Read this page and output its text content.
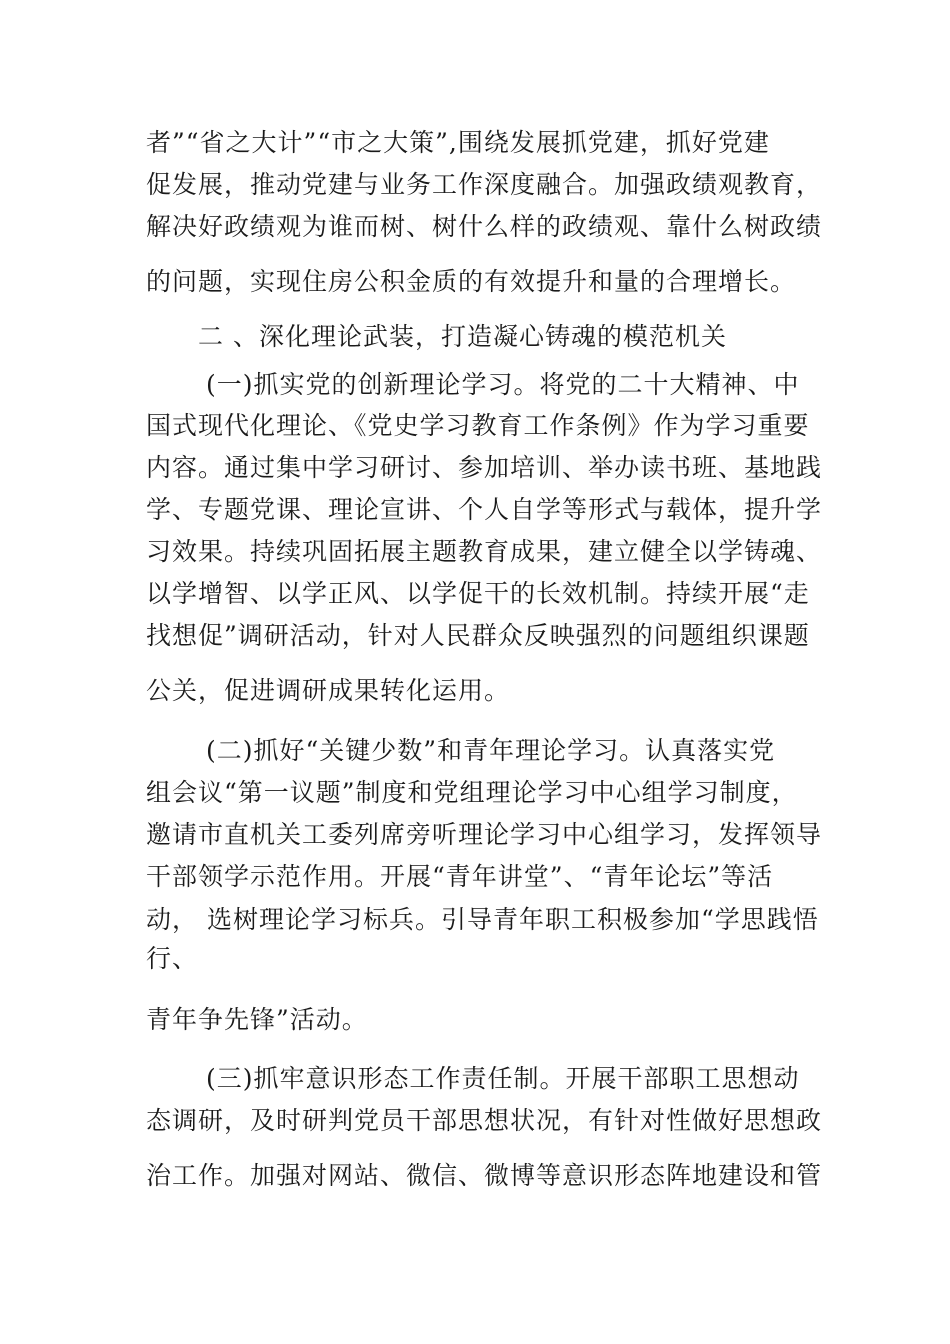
者”“省之大计”“市之大策”,围绕发展抓党建，抓好党建
促发展，推动党建与业务工作深度融合。加强政绩观教育，
解决好政绩观为谁而树、树什么样的政绩观、靠什么树政绩
的问题，实现住房公积金质的有效提升和量的合理增长。
二 、深化理论武装，打造凝心铸魂的模范机关
(一)抓实党的创新理论学习。将党的二十大精神、中
国式现代化理论、《党史学习教育工作条例》作为学习重要
内容。通过集中学习研讨、参加培训、举办读书班、基地践
学、专题党课、理论宣讲、个人自学等形式与载体，提升学
习效果。持续巩固拓展主题教育成果，建立健全以学铸魂、
以学增智、以学正风、以学促干的长效机制。持续开展“走
找想促”调研活动，针对人民群众反映强烈的问题组织课题
公关，促进调研成果转化运用。
(二)抓好“关键少数”和青年理论学习。认真落实党
组会议“第一议题”制度和党组理论学习中心组学习制度，
邀请市直机关工委列席旁听理论学习中心组学习，发挥领导
干部领学示范作用。开展“青年讲堂”、“青年论坛”等活
动， 选树理论学习标兵。引导青年职工积极参加“学思践悟
行、
青年争先锋”活动。
(三)抓牢意识形态工作责任制。开展干部职工思想动
态调研，及时研判党员干部思想状况，有针对性做好思想政
治工作。加强对网站、微信、微博等意识形态阵地建设和管
